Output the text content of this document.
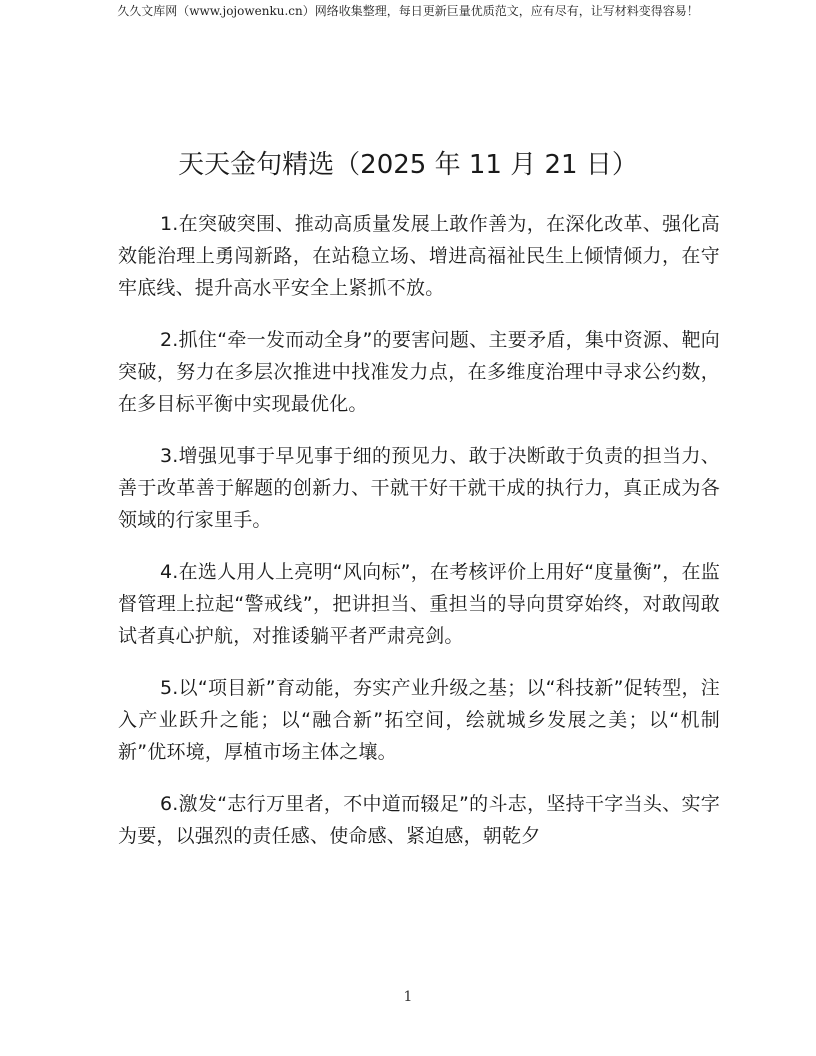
久久文库网（www.jojowenku.cn）网络收集整理，每日更新巨量优质范文，应有尽有，让写材料变得容易！
天天金句精选（2025 年 11 月 21 日）

1.在突破突围、推动高质量发展上敢作善为，在深化改革、强化高效能治理上勇闯新路，在站稳立场、增进高福祉民生上倾情倾力，在守牢底线、提升高水平安全上紧抓不放。

2.抓住“牵一发而动全身”的要害问题、主要矛盾，集中资源、靶向突破，努力在多层次推进中找准发力点，在多维度治理中寻求公约数，在多目标平衡中实现最优化。

3.增强见事于早见事于细的预见力、敢于决断敢于负责的担当力、善于改革善于解题的创新力、干就干好干就干成的执行力，真正成为各领域的行家里手。

4.在选人用人上亮明“风向标”，在考核评价上用好“度量衡”，在监督管理上拉起“警戒线”，把讲担当、重担当的导向贯穿始终，对敢闯敢试者真心护航，对推诿躺平者严肃亮剑。

5.以“项目新”育动能，夯实产业升级之基；以“科技新”促转型，注入产业跃升之能；以“融合新”拓空间，绘就城乡发展之美；以“机制新”优环境，厚植市场主体之壤。

6.激发“志行万里者，不中道而辍足”的斗志，坚持干字当头、实字为要，以强烈的责任感、使命感、紧迫感，朝乾夕

1
